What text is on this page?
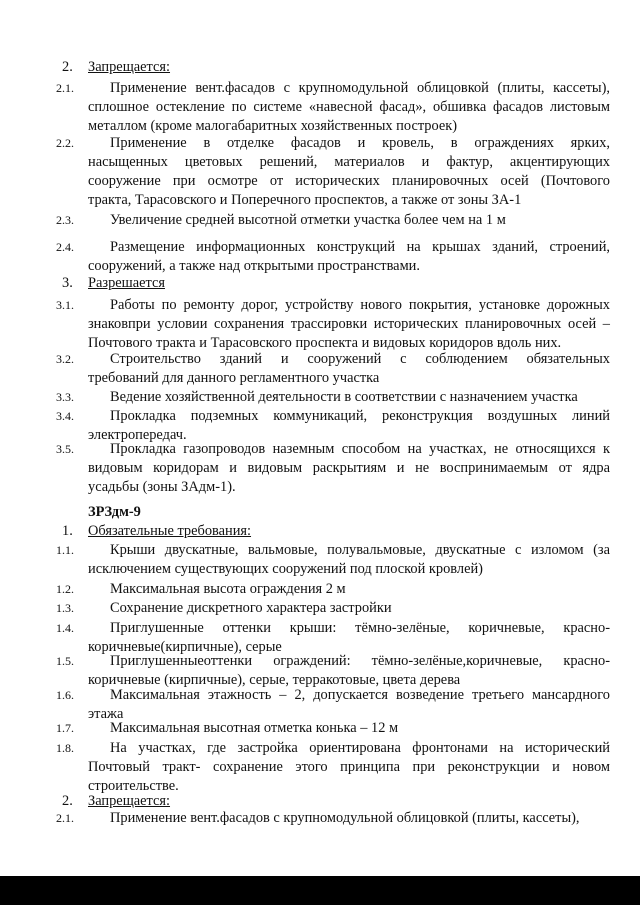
2. Запрещается:
2.1.	Применение вент.фасадов с крупномодульной облицовкой (плиты, кассеты),
сплошное остекление по системе «навесной фасад», обшивка фасадов листовым
металлом (кроме малогабаритных хозяйственных построек)
2.2.	Применение в отделке фасадов и кровель, в ограждениях ярких,
насыщенных цветовых решений, материалов и фактур, акцентирующих
сооружение при осмотре от исторических планировочных осей (Почтового
тракта, Тарасовского и Поперечного проспектов, а также от зоны ЗА-1
2.3.	Увеличение средней высотной отметки участка более чем на 1 м
2.4.	Размещение информационных конструкций на крышах зданий, строений,
сооружений, а также над открытыми пространствами.
3. Разрешается
3.1.	Работы по ремонту дорог, устройству нового покрытия, установке дорожных
знаковпри условии сохранения трассировки исторических планировочных осей –
Почтового тракта и Тарасовского проспекта и видовых коридоров вдоль них.
3.2.	Строительство зданий и сооружений с соблюдением обязательных
требований для данного регламентного участка
3.3.	Ведение хозяйственной деятельности в соответствии с назначением участка
3.4.	Прокладка подземных коммуникаций, реконструкция воздушных линий
электропередач.
3.5.	Прокладка газопроводов наземным способом на участках, не относящихся к
видовым коридорам и видовым раскрытиям и не воспринимаемым от ядра
усадьбы (зоны ЗАдм-1).
ЗРЗдм-9
1. Обязательные требования:
1.1.	Крыши двускатные, вальмовые, полувальмовые, двускатные с изломом (за
исключением существующих сооружений под плоской кровлей)
1.2.	Максимальная высота ограждения 2 м
1.3.	Сохранение дискретного характера застройки
1.4.	Приглушенные оттенки крыши: тёмно-зелёные, коричневые, красно-
коричневые(кирпичные), серые
1.5.	Приглушенныеоттенки ограждений: тёмно-зелёные,коричневые, красно-
коричневые (кирпичные), серые, терракотовые, цвета дерева
1.6.	Максимальная этажность – 2, допускается возведение третьего мансардного
этажа
1.7.	Максимальная высотная отметка конька – 12 м
1.8.	На участках, где застройка ориентирована фронтонами на исторический
Почтовый тракт- сохранение этого принципа при реконструкции и новом
строительстве.
2. Запрещается:
2.1.	Применение вент.фасадов с крупномодульной облицовкой (плиты, кассеты),
